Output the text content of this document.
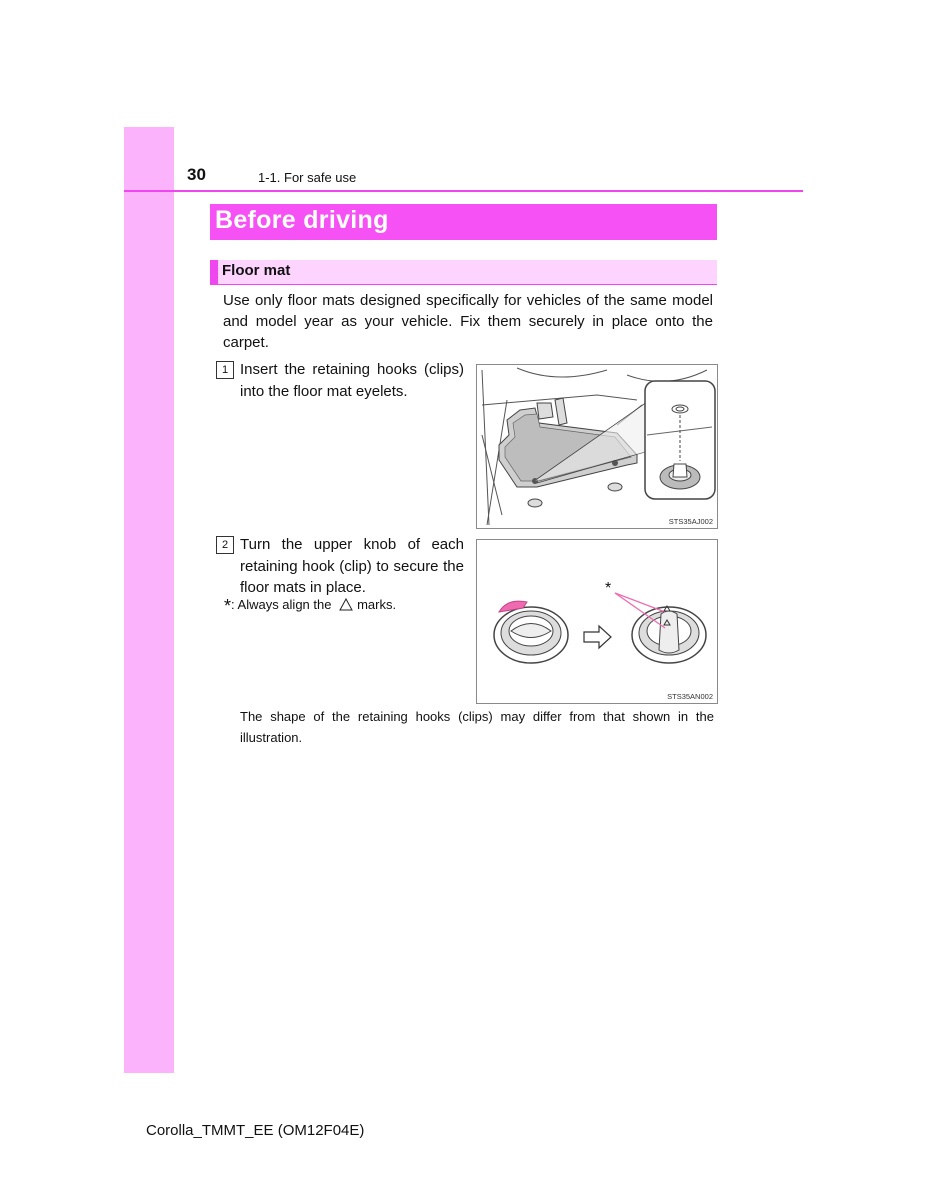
30	1-1. For safe use
Before driving
Floor mat
Use only floor mats designed specifically for vehicles of the same model and model year as your vehicle. Fix them securely in place onto the carpet.
1 Insert the retaining hooks (clips) into the floor mat eyelets.
STS35AJ002
2 Turn the upper knob of each retaining hook (clip) to secure the floor mats in place.
*: Always align the marks.
*
STS35AN002
The shape of the retaining hooks (clips) may differ from that shown in the illustration.
Corolla_TMMT_EE (OM12F04E)
